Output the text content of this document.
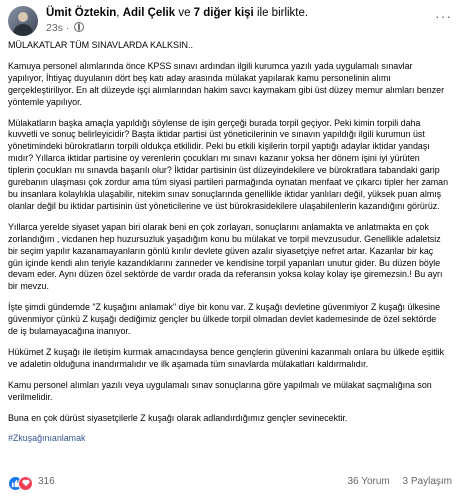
Ümit Öztekin, Adil Çelik ve 7 diğer kişi ile birlikte.
23s ·
···

MÜLAKATLAR TÜM SINAVLARDA KALKSIN..

Kamuya personel alımlarında önce KPSS sınavı ardından ilgili kurumca yazılı yada uygulamalı sınavlar yapılıyor, İhtiyaç duyulanın dört beş katı aday arasında mülakat yapılarak kamu personelinin alımı gerçekleştiriliyor. En alt düzeyde işçi alımlarından hakim savcı kaymakam gibi üst düzey memur alımları benzer yöntemle yapılıyor.

Mülakatların başka amaçla yapıldığı söylense de işin gerçeği burada torpil geçiyor. Peki kimin torpili daha kuvvetli ve sonuç belirleyicidir? Başta iktidar partisi üst yöneticilerinin ve sınavın yapıldığı ilgili kurumun üst yönetimindeki bürokratların torpili oldukça etkilidir. Peki bu etkili kişilerin torpil yaptığı adaylar iktidar yandaşı mıdır? Yıllarca iktidar partisine oy verenlerin çocukları mı sınavı kazanır yoksa her dönem işini iyi yürüten tiplerin çocukları mı sınavda başarılı olur? İktidar partisinin üst düzeyindekilere ve bürokratlara tabandaki garip gurebanın ulaşması çok zordur ama tüm siyasi partileri parmağında oynatan menfaat ve çıkarcı tipler her zaman bu insanlara kolaylıkla ulaşabilir, nitekim sınav sonuçlarında genellikle iktidar yanlıları değil, yüksek puan almış olanlar değil bu iktidar partisinin üst yöneticilerine ve üst bürokrasidekilere ulaşabilenlerin kazandığını görürüz.

Yıllarca yerelde siyaset yapan biri olarak beni en çok zorlayan, sonuçlarını anlamakta ve anlatmakta en çok zorlandığım , vicdanen hep huzursuzluk yaşadığım konu bu mülakat ve torpil mevzusudur. Genellikle adaletsiz bir seçim yapılır kazanamayanların gönlü kırılır devlete güven azalır siyasetçiye nefret artar. Kazanlar bir kaç gün içinde kendi alın teriyle kazandıklarını zanneder ve kendisine torpil yapanları unutur gider. Bu düzen böyle devam eder. Aynı düzen özel sektörde de vardır orada da referansın yoksa kolay kolay işe giremezsin.! Bu ayrı bir mevzu.

İşte şimdi gündemde "Z kuşağını anlamak" diye bir konu var. Z kuşağı devletine güvenmiyor Z kuşağı ülkesine güvenmiyor çünkü Z kuşağı dediğimiz gençler bu ülkede torpil olmadan devlet kademesinde de özel sektörde de iş bulamayacağına inanıyor.

Hükümet Z kuşağı ile iletişim kurmak amacındaysa bence gençlerin güvenini kazanmalı onlara bu ülkede eşitlik ve adaletin olduğuna inandırmalıdır ve ilk aşamada tüm sınavlarda mülakatları kaldırmalıdır.

Kamu personel alımları yazılı veya uygulamalı sınav sonuçlarına göre yapılmalı ve mülakat saçmalığına son verilmelidir.

Buna en çok dürüst siyasetçilerle Z kuşağı olarak adlandırdığımız gençler sevinecektir.

#Zkuşağınıanlamak

316	36 Yorum 3 Paylaşım
